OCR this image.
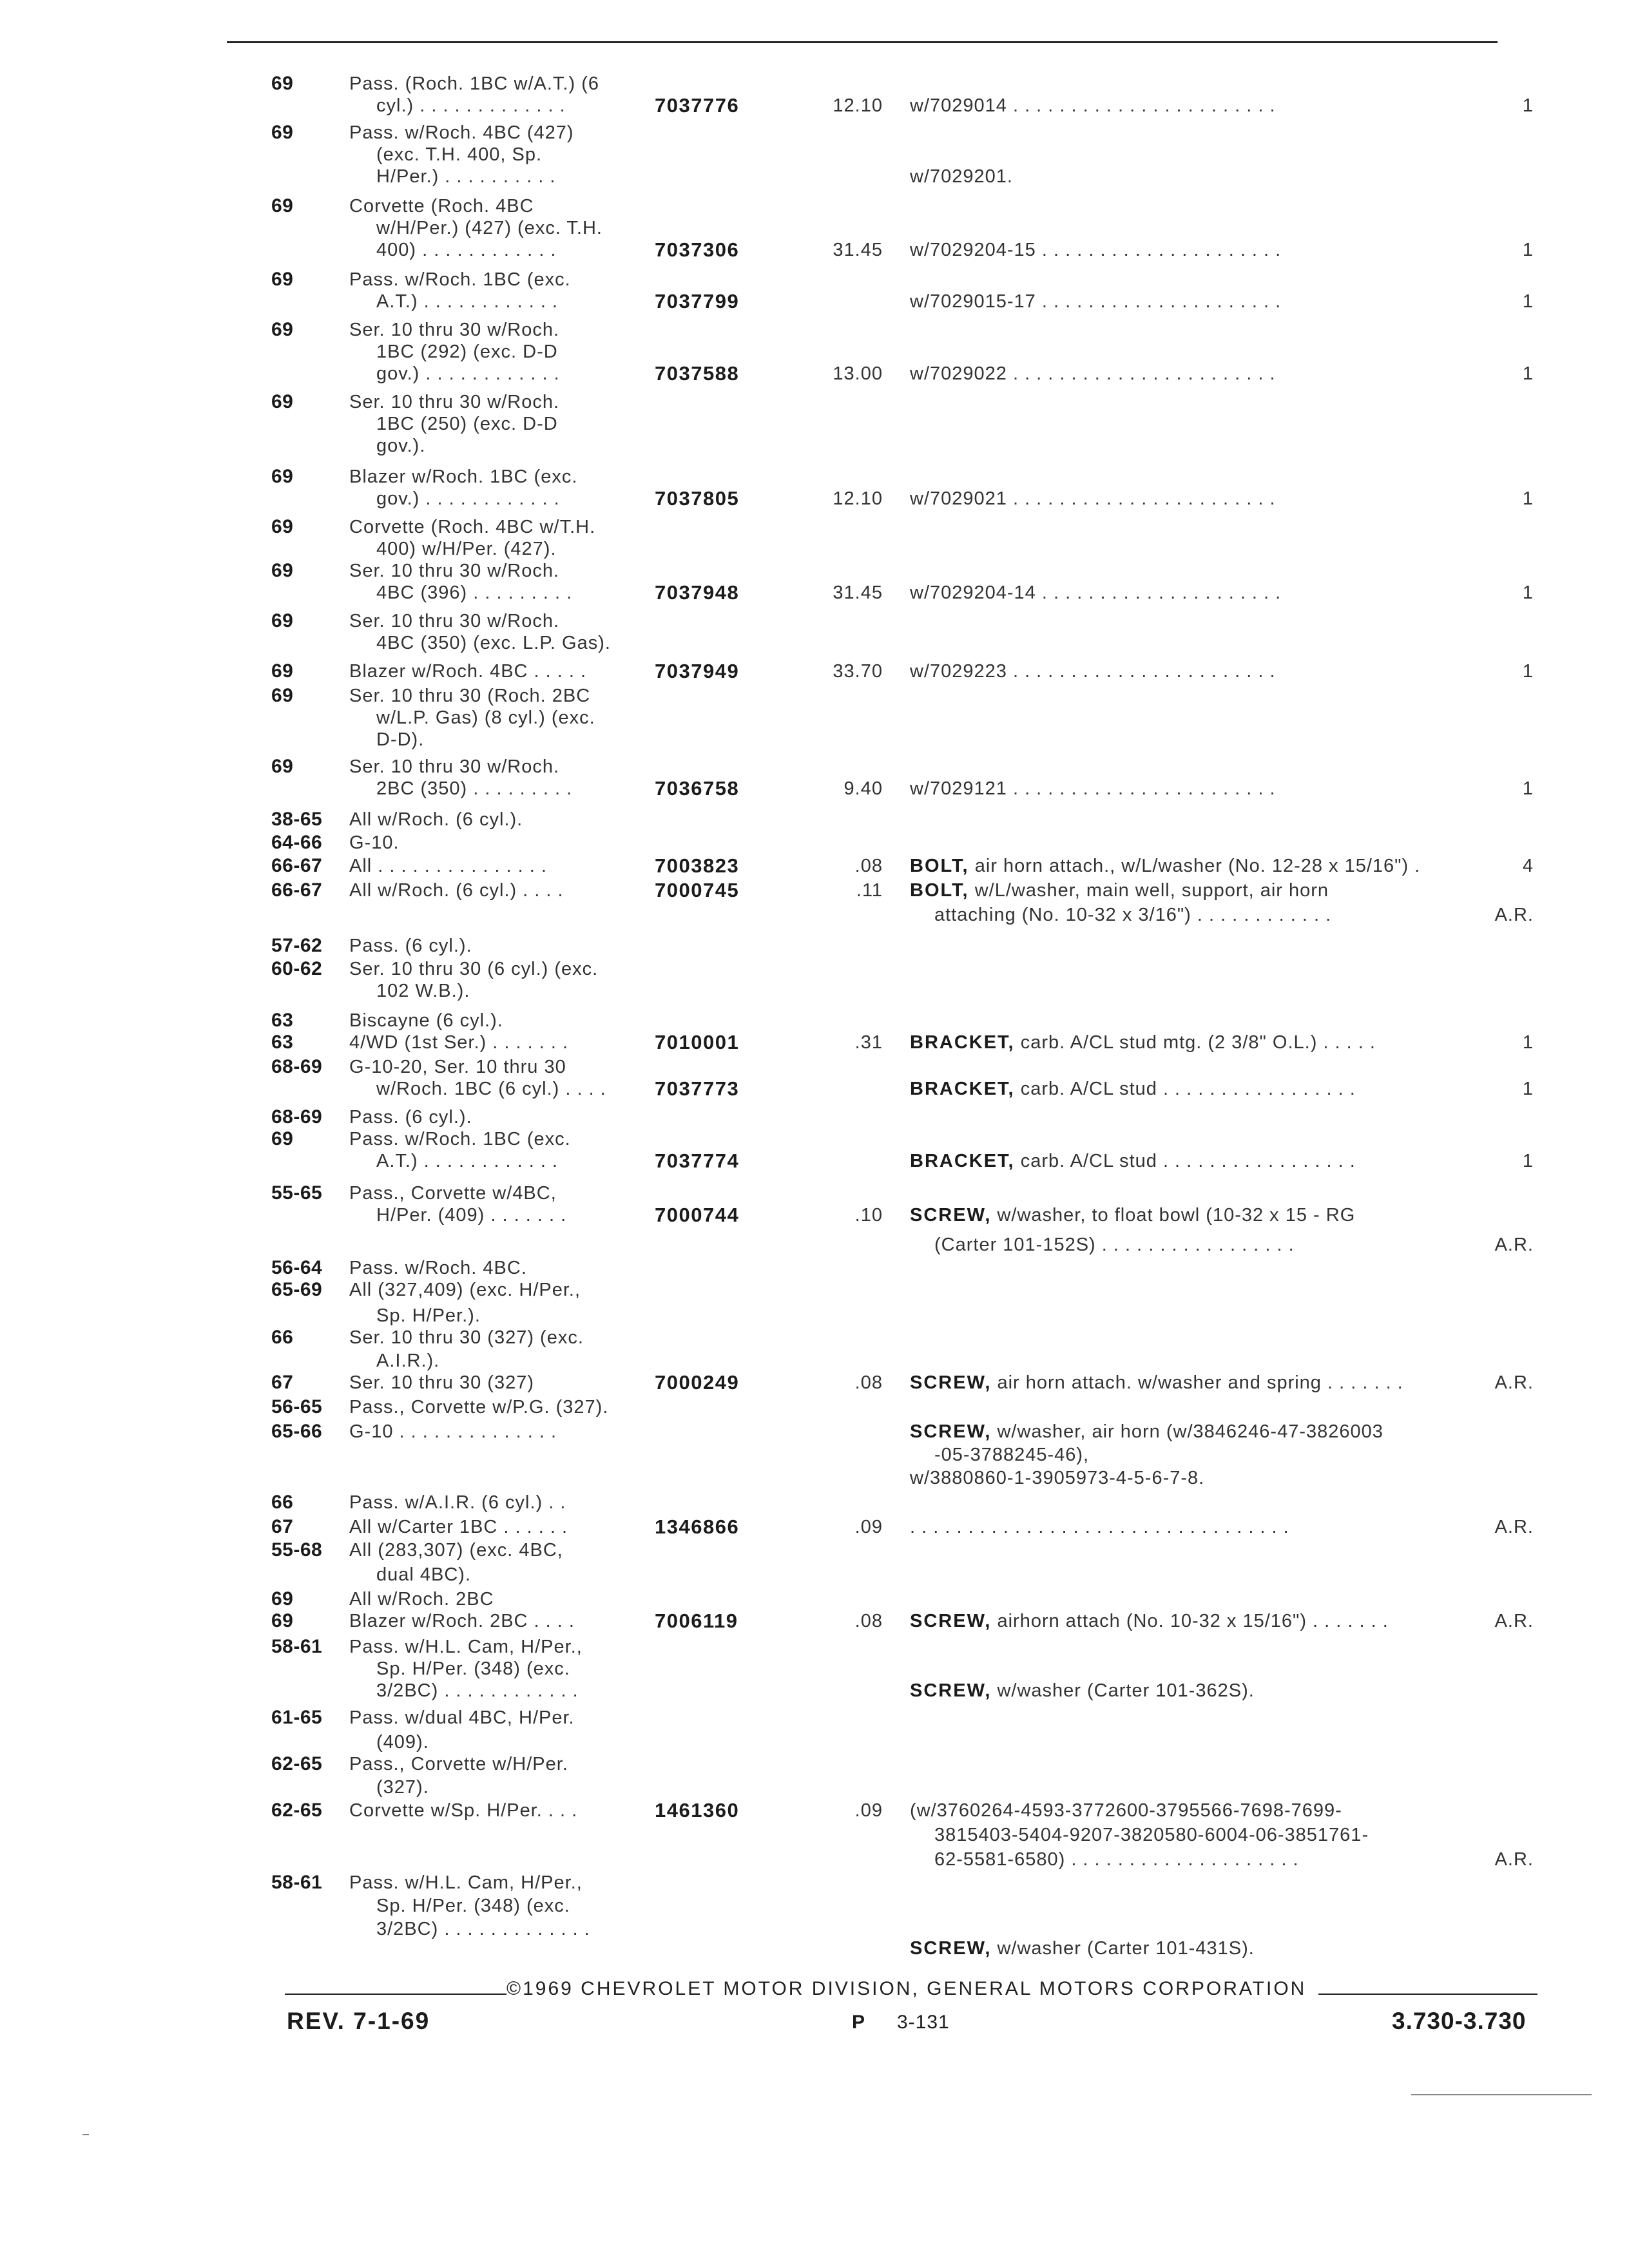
69	Pass. (Roch. 1BC w/A.T.) (6
cyl.) . . . . . . . . . . . . .	7037776	12.10 w/7029014 . . . . . . . . . . . . . . . . . . . . . . .	1
69	Pass. w/Roch. 4BC (427)
(exc. T.H. 400, Sp.
H/Per.) . . . . . . . . . .	w/7029201.
69	Corvette (Roch. 4BC
w/H/Per.) (427) (exc. T.H.
400) . . . . . . . . . . . .	7037306	31.45 w/7029204-15 . . . . . . . . . . . . . . . . . . . . .	1
69	Pass. w/Roch. 1BC (exc.
A.T.) . . . . . . . . . . . .	7037799	w/7029015-17 . . . . . . . . . . . . . . . . . . . . .	1
69	Ser. 10 thru 30 w/Roch.
1BC (292) (exc. D-D
gov.) . . . . . . . . . . . .	7037588	13.00 w/7029022 . . . . . . . . . . . . . . . . . . . . . . .	1
69	Ser. 10 thru 30 w/Roch.
1BC (250) (exc. D-D
gov.).
69	Blazer w/Roch. 1BC (exc.
gov.) . . . . . . . . . . . .	7037805	12.10 w/7029021 . . . . . . . . . . . . . . . . . . . . . . .	1
69	Corvette (Roch. 4BC w/T.H.
400) w/H/Per. (427).
69	Ser. 10 thru 30 w/Roch.
4BC (396) . . . . . . . . .	7037948	31.45 w/7029204-14 . . . . . . . . . . . . . . . . . . . . .	1
69	Ser. 10 thru 30 w/Roch.
4BC (350) (exc. L.P. Gas).
69	Blazer w/Roch. 4BC . . . . .	7037949	33.70 w/7029223 . . . . . . . . . . . . . . . . . . . . . . .	1
69	Ser. 10 thru 30 (Roch. 2BC
w/L.P. Gas) (8 cyl.) (exc.
D-D).
69	Ser. 10 thru 30 w/Roch.
2BC (350) . . . . . . . . .	7036758	9.40 w/7029121 . . . . . . . . . . . . . . . . . . . . . . .	1
38-65 All w/Roch. (6 cyl.).
64-66 G-10.
66-67 All . . . . . . . . . . . . . . .	7003823	.08 BOLT, air horn attach., w/L/washer (No. 12-28 x 15/16") .	4
66-67 All w/Roch. (6 cyl.) . . . .	7000745	.11 BOLT, w/L/washer, main well, support, air horn
attaching (No. 10-32 x 3/16") . . . . . . . . . . . .	A.R.
57-62 Pass. (6 cyl.).
60-62 Ser. 10 thru 30 (6 cyl.) (exc.
102 W.B.).
63	Biscayne (6 cyl.).
63	4/WD (1st Ser.) . . . . . . .	7010001	.31 BRACKET, carb. A/CL stud mtg. (2 3/8" O.L.) . . . . .	1
68-69 G-10-20, Ser. 10 thru 30
w/Roch. 1BC (6 cyl.) . . . . 7037773	BRACKET, carb. A/CL stud . . . . . . . . . . . . . . . . .	1
68-69 Pass. (6 cyl.).
69	Pass. w/Roch. 1BC (exc.
A.T.) . . . . . . . . . . . .	7037774	BRACKET, carb. A/CL stud . . . . . . . . . . . . . . . . .	1
55-65 Pass., Corvette w/4BC,
H/Per. (409) . . . . . . .	7000744	.10 SCREW, w/washer, to float bowl (10-32 x 15 - RG
(Carter 101-152S) . . . . . . . . . . . . . . . . .	A.R.
56-64 Pass. w/Roch. 4BC.
65-69 All (327,409) (exc. H/Per.,
Sp. H/Per.).
66	Ser. 10 thru 30 (327) (exc.
A.I.R.).
67	Ser. 10 thru 30 (327)	7000249	.08 SCREW, air horn attach. w/washer and spring . . . . . . .	A.R.
56-65 Pass., Corvette w/P.G. (327).
65-66 G-10 . . . . . . . . . . . . . .	SCREW, w/washer, air horn (w/3846246-47-3826003
-05-3788245-46),
w/3880860-1-3905973-4-5-6-7-8.
66	Pass. w/A.I.R. (6 cyl.) . .
67	All w/Carter 1BC . . . . . .	1346866	.09 . . . . . . . . . . . . . . . . . . . . . . . . . . . . . . . . .	A.R.
55-68 All (283,307) (exc. 4BC,
dual 4BC).
69	All w/Roch. 2BC
69	Blazer w/Roch. 2BC . . . .	7006119	.08 SCREW, airhorn attach (No. 10-32 x 15/16") . . . . . . .	A.R.
58-61 Pass. w/H.L. Cam, H/Per.,
Sp. H/Per. (348) (exc.
3/2BC) . . . . . . . . . . . .	SCREW, w/washer (Carter 101-362S).
61-65 Pass. w/dual 4BC, H/Per.
(409).
62-65 Pass., Corvette w/H/Per.
(327).
62-65 Corvette w/Sp. H/Per. . . .	1461360	.09 (w/3760264-4593-3772600-3795566-7698-7699-
3815403-5404-9207-3820580-6004-06-3851761-
62-5581-6580) . . . . . . . . . . . . . . . . . . . .	A.R.
58-61 Pass. w/H.L. Cam, H/Per.,
Sp. H/Per. (348) (exc.
3/2BC) . . . . . . . . . . . . .
SCREW, w/washer (Carter 101-431S).
©1969 CHEVROLET MOTOR DIVISION, GENERAL MOTORS CORPORATION
REV. 7-1-69	P 3-131	3.730-3.730
